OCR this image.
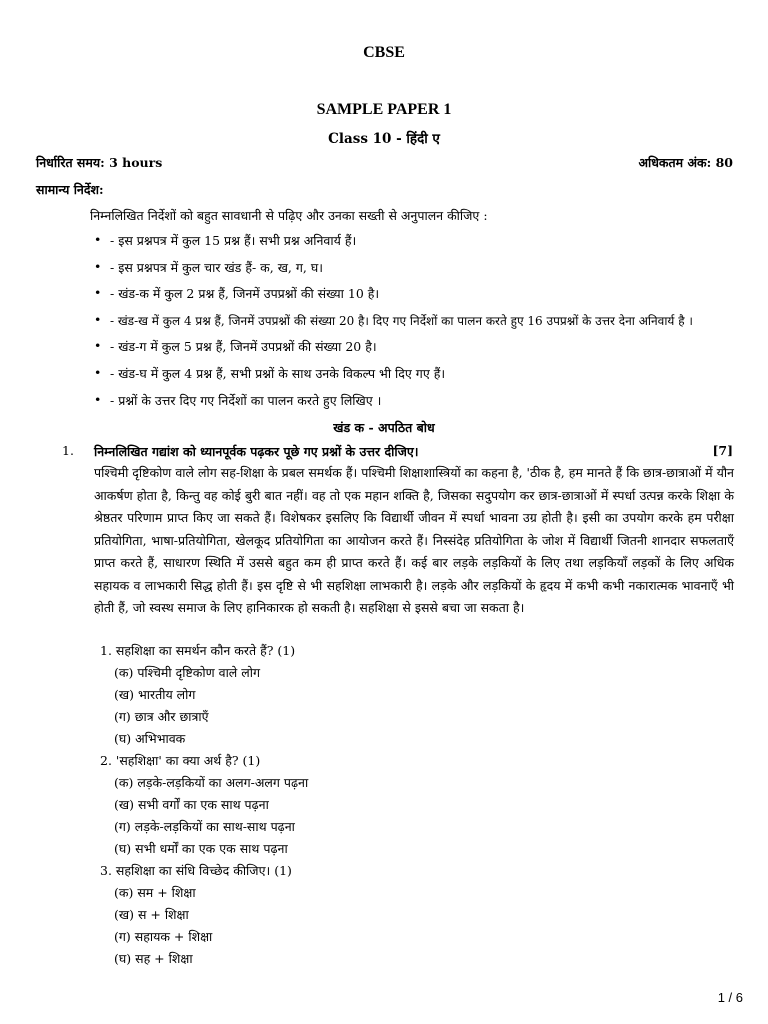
CBSE
SAMPLE PAPER 1
Class 10 - हिंदी ए
निर्धारित समय: 3 hours	अधिकतम अंक: 80
सामान्य निर्देश:
निम्नलिखित निर्देशों को बहुत सावधानी से पढ़िए और उनका सख्ती से अनुपालन कीजिए :
• - इस प्रश्नपत्र में कुल 15 प्रश्न हैं। सभी प्रश्न अनिवार्य हैं।
• - इस प्रश्नपत्र में कुल चार खंड हैं- क, ख, ग, घ।
• - खंड-क में कुल 2 प्रश्न हैं, जिनमें उपप्रश्नों की संख्या 10 है।
• - खंड-ख में कुल 4 प्रश्न हैं, जिनमें उपप्रश्नों की संख्या 20 है। दिए गए निर्देशों का पालन करते हुए 16 उपप्रश्नों के उत्तर देना अनिवार्य है ।
• - खंड-ग में कुल 5 प्रश्न हैं, जिनमें उपप्रश्नों की संख्या 20 है।
• - खंड-घ में कुल 4 प्रश्न हैं, सभी प्रश्नों के साथ उनके विकल्प भी दिए गए हैं।
• - प्रश्नों के उत्तर दिए गए निर्देशों का पालन करते हुए लिखिए ।
खंड क - अपठित बोध
1. निम्नलिखित गद्यांश को ध्यानपूर्वक पढ़कर पूछे गए प्रश्नों के उत्तर दीजिए।	[7]
पश्चिमी दृष्टिकोण वाले लोग सह-शिक्षा के प्रबल समर्थक हैं। पश्चिमी शिक्षाशास्त्रियों का कहना है, 'ठीक है, हम मानते हैं कि छात्र-छात्राओं में यौन आकर्षण होता है, किन्तु वह कोई बुरी बात नहीं। वह तो एक महान शक्ति है, जिसका सदुपयोग कर छात्र-छात्राओं में स्पर्धा उत्पन्न करके शिक्षा के श्रेष्ठतर परिणाम प्राप्त किए जा सकते हैं। विशेषकर इसलिए कि विद्यार्थी जीवन में स्पर्धा भावना उग्र होती है। इसी का उपयोग करके हम परीक्षा प्रतियोगिता, भाषा-प्रतियोगिता, खेलकूद प्रतियोगिता का आयोजन करते हैं। निस्संदेह प्रतियोगिता के जोश में विद्यार्थी जितनी शानदार सफलताएँ प्राप्त करते हैं, साधारण स्थिति में उससे बहुत कम ही प्राप्त करते हैं। कई बार लड़के लड़कियों के लिए तथा लड़कियाँ लड़कों के लिए अधिक सहायक व लाभकारी सिद्ध होती हैं। इस दृष्टि से भी सहशिक्षा लाभकारी है। लड़के और लड़कियों के हृदय में कभी कभी नकारात्मक भावनाएँ भी होती हैं, जो स्वस्थ समाज के लिए हानिकारक हो सकती है। सहशिक्षा से इससे बचा जा सकता है।
1. सहशिक्षा का समर्थन कौन करते हैं? (1)
(क) पश्चिमी दृष्टिकोण वाले लोग
(ख) भारतीय लोग
(ग) छात्र और छात्राएँ
(घ) अभिभावक
2. 'सहशिक्षा' का क्या अर्थ है? (1)
(क) लड़के-लड़कियों का अलग-अलग पढ़ना
(ख) सभी वर्गों का एक साथ पढ़ना
(ग) लड़के-लड़कियों का साथ-साथ पढ़ना
(घ) सभी धर्मों का एक एक साथ पढ़ना
3. सहशिक्षा का संधि विच्छेद कीजिए। (1)
(क) सम + शिक्षा
(ख) स + शिक्षा
(ग) सहायक + शिक्षा
(घ) सह + शिक्षा
1 / 6
